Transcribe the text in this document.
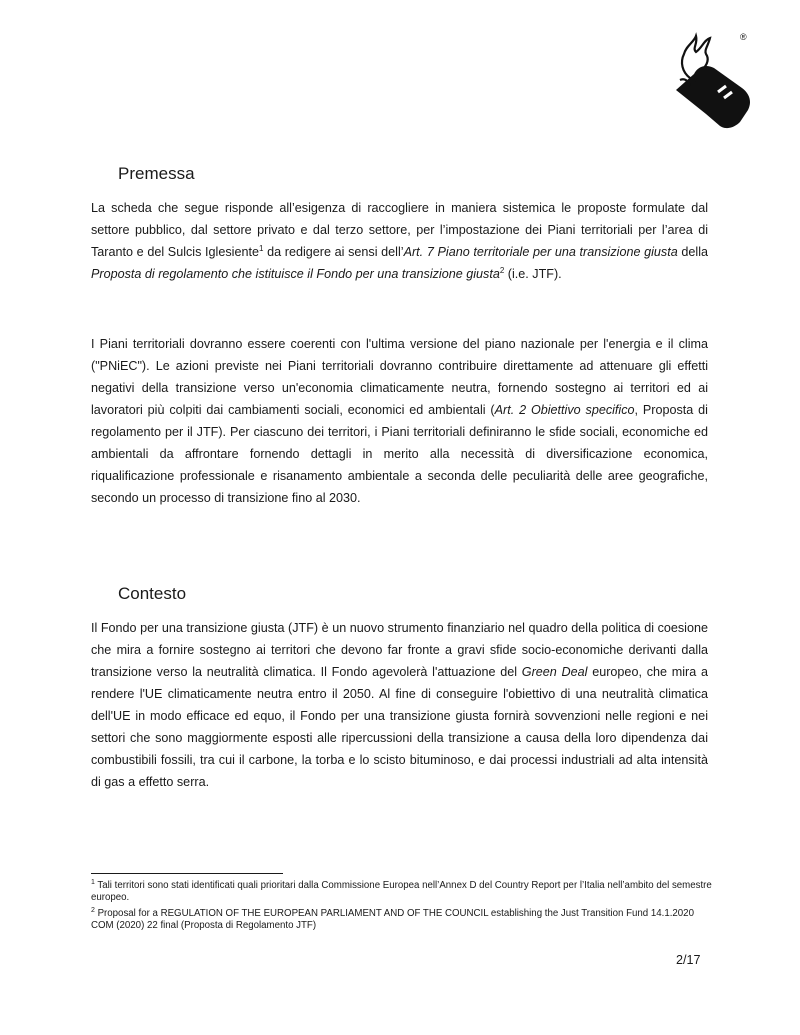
®
Premessa

La scheda che segue risponde all’esigenza di raccogliere in maniera sistemica le proposte formulate dal settore pubblico, dal settore privato e dal terzo settore, per l’impostazione dei Piani territoriali per l’area di Taranto e del Sulcis Iglesiente$^1$ da redigere ai sensi dell’Art. 7 Piano territoriale per una transizione giusta della Proposta di regolamento che istituisce il Fondo per una transizione giusta$^2$ (i.e. JTF).

I Piani territoriali dovranno essere coerenti con l'ultima versione del piano nazionale per l'energia e il clima ("PNiEC"). Le azioni previste nei Piani territoriali dovranno contribuire direttamente ad attenuare gli effetti negativi della transizione verso un'economia climaticamente neutra, fornendo sostegno ai territori ed ai lavoratori più colpiti dai cambiamenti sociali, economici ed ambientali (Art. 2 Obiettivo specifico, Proposta di regolamento per il JTF). Per ciascuno dei territori, i Piani territoriali definiranno le sfide sociali, economiche ed ambientali da affrontare fornendo dettagli in merito alla necessità di diversificazione economica, riqualificazione professionale e risanamento ambientale a seconda delle peculiarità delle aree geografiche, secondo un processo di transizione fino al 2030.

Contesto

Il Fondo per una transizione giusta (JTF) è un nuovo strumento finanziario nel quadro della politica di coesione che mira a fornire sostegno ai territori che devono far fronte a gravi sfide socio-economiche derivanti dalla transizione verso la neutralità climatica. Il Fondo agevolerà l'attuazione del Green Deal europeo, che mira a rendere l'UE climaticamente neutra entro il 2050. Al fine di conseguire l'obiettivo di una neutralità climatica dell'UE in modo efficace ed equo, il Fondo per una transizione giusta fornirà sovvenzioni nelle regioni e nei settori che sono maggiormente esposti alle ripercussioni della transizione a causa della loro dipendenza dai combustibili fossili, tra cui il carbone, la torba e lo scisto bituminoso, e dai processi industriali ad alta intensità di gas a effetto serra.

$^1$ Tali territori sono stati identificati quali prioritari dalla Commissione Europea nell’Annex D del Country Report per l’Italia nell’ambito del semestre europeo.

$^2$ Proposal for a REGULATION OF THE EUROPEAN PARLIAMENT AND OF THE COUNCIL establishing the Just Transition Fund 14.1.2020 COM (2020) 22 final (Proposta di Regolamento JTF)

2/17
